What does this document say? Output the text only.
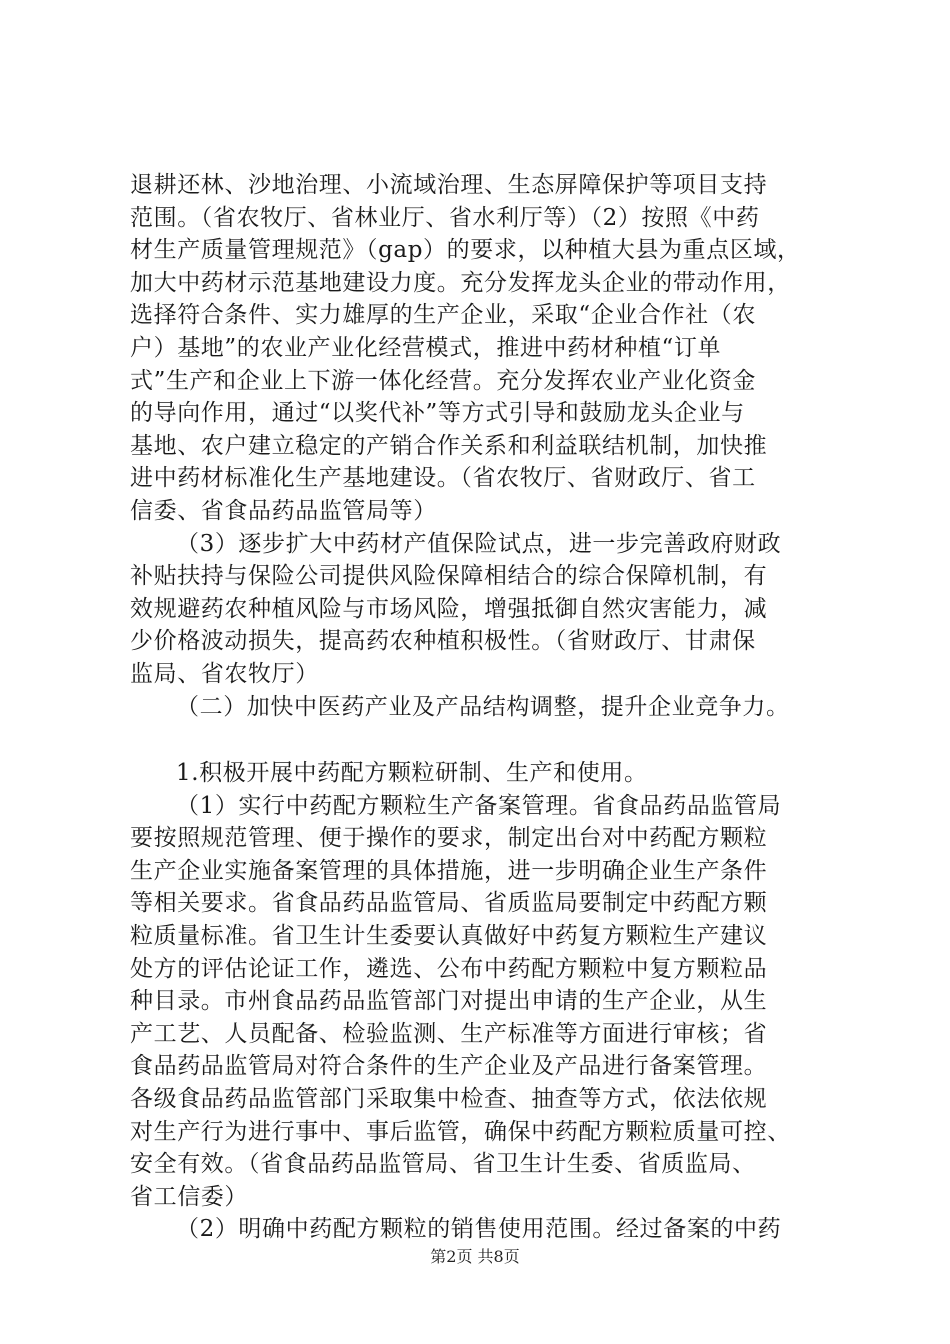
退耕还林、沙地治理、小流域治理、生态屏障保护等项目支持
范围。（省农牧厅、省林业厅、省水利厅等）（2）按照《中药
材生产质量管理规范》（gap）的要求，以种植大县为重点区域，
加大中药材示范基地建设力度。充分发挥龙头企业的带动作用，
选择符合条件、实力雄厚的生产企业，采取“企业合作社（农
户）基地”的农业产业化经营模式，推进中药材种植“订单
式”生产和企业上下游一体化经营。充分发挥农业产业化资金
的导向作用，通过“以奖代补”等方式引导和鼓励龙头企业与
基地、农户建立稳定的产销合作关系和利益联结机制，加快推
进中药材标准化生产基地建设。（省农牧厅、省财政厅、省工
信委、省食品药品监管局等）
（3）逐步扩大中药材产值保险试点，进一步完善政府财政
补贴扶持与保险公司提供风险保障相结合的综合保障机制，有
效规避药农种植风险与市场风险，增强抵御自然灾害能力，减
少价格波动损失，提高药农种植积极性。（省财政厅、甘肃保
监局、省农牧厅）
（二）加快中医药产业及产品结构调整，提升企业竞争力。
1.积极开展中药配方颗粒研制、生产和使用。
（1）实行中药配方颗粒生产备案管理。省食品药品监管局
要按照规范管理、便于操作的要求，制定出台对中药配方颗粒
生产企业实施备案管理的具体措施，进一步明确企业生产条件
等相关要求。省食品药品监管局、省质监局要制定中药配方颗
粒质量标准。省卫生计生委要认真做好中药复方颗粒生产建议
处方的评估论证工作，遴选、公布中药配方颗粒中复方颗粒品
种目录。市州食品药品监管部门对提出申请的生产企业，从生
产工艺、人员配备、检验监测、生产标准等方面进行审核；省
食品药品监管局对符合条件的生产企业及产品进行备案管理。
各级食品药品监管部门采取集中检查、抽查等方式，依法依规
对生产行为进行事中、事后监管，确保中药配方颗粒质量可控、
安全有效。（省食品药品监管局、省卫生计生委、省质监局、
省工信委）
（2）明确中药配方颗粒的销售使用范围。经过备案的中药
第2页 共8页
